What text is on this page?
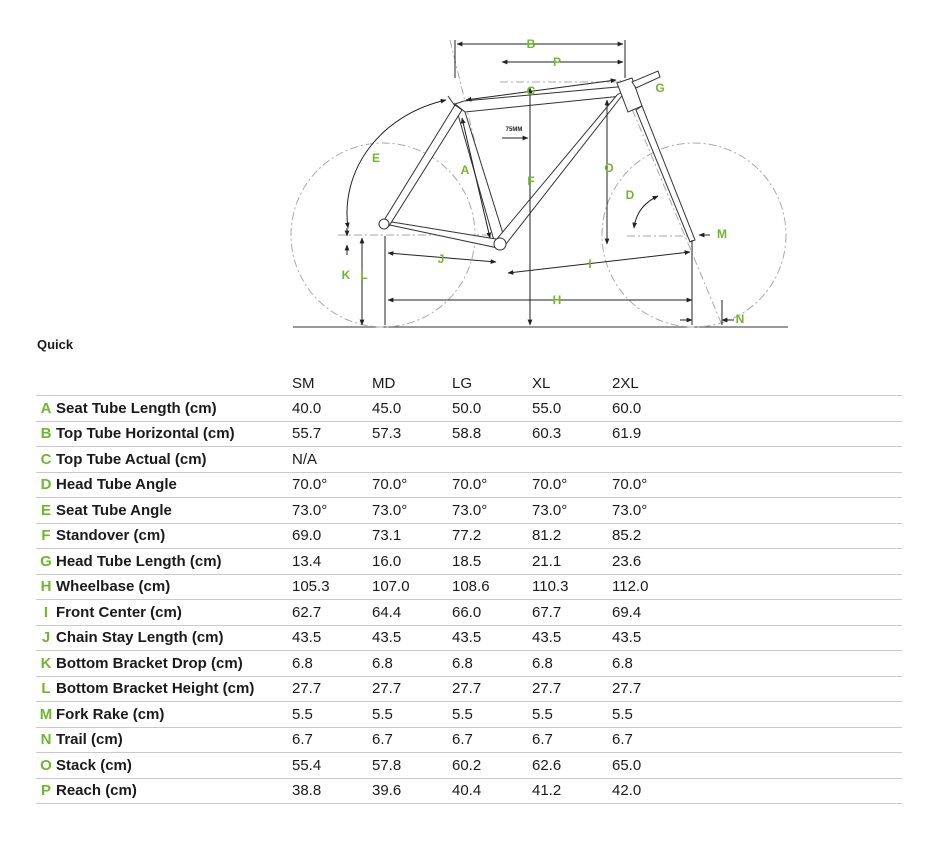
B
P
C	G
E
A
F
O
D
M
I
J
K L
H
N
75MM
Quick
		SM	MD	LG	XL	2XL	
A	Seat Tube Length (cm)	40.0	45.0	50.0	55.0	60.0	
B	Top Tube Horizontal (cm)	55.7	57.3	58.8	60.3	61.9	
C	Top Tube Actual (cm)	N/A					
D	Head Tube Angle	70.0°	70.0°	70.0°	70.0°	70.0°	
E	Seat Tube Angle	73.0°	73.0°	73.0°	73.0°	73.0°	
F	Standover (cm)	69.0	73.1	77.2	81.2	85.2	
G	Head Tube Length (cm)	13.4	16.0	18.5	21.1	23.6	
H	Wheelbase (cm)	105.3	107.0	108.6	110.3	112.0	
I	Front Center (cm)	62.7	64.4	66.0	67.7	69.4	
J	Chain Stay Length (cm)	43.5	43.5	43.5	43.5	43.5	
K	Bottom Bracket Drop (cm)	6.8	6.8	6.8	6.8	6.8	
L	Bottom Bracket Height (cm)	27.7	27.7	27.7	27.7	27.7	
M	Fork Rake (cm)	5.5	5.5	5.5	5.5	5.5	
N	Trail (cm)	6.7	6.7	6.7	6.7	6.7	
O	Stack (cm)	55.4	57.8	60.2	62.6	65.0	
P	Reach (cm)	38.8	39.6	40.4	41.2	42.0	
